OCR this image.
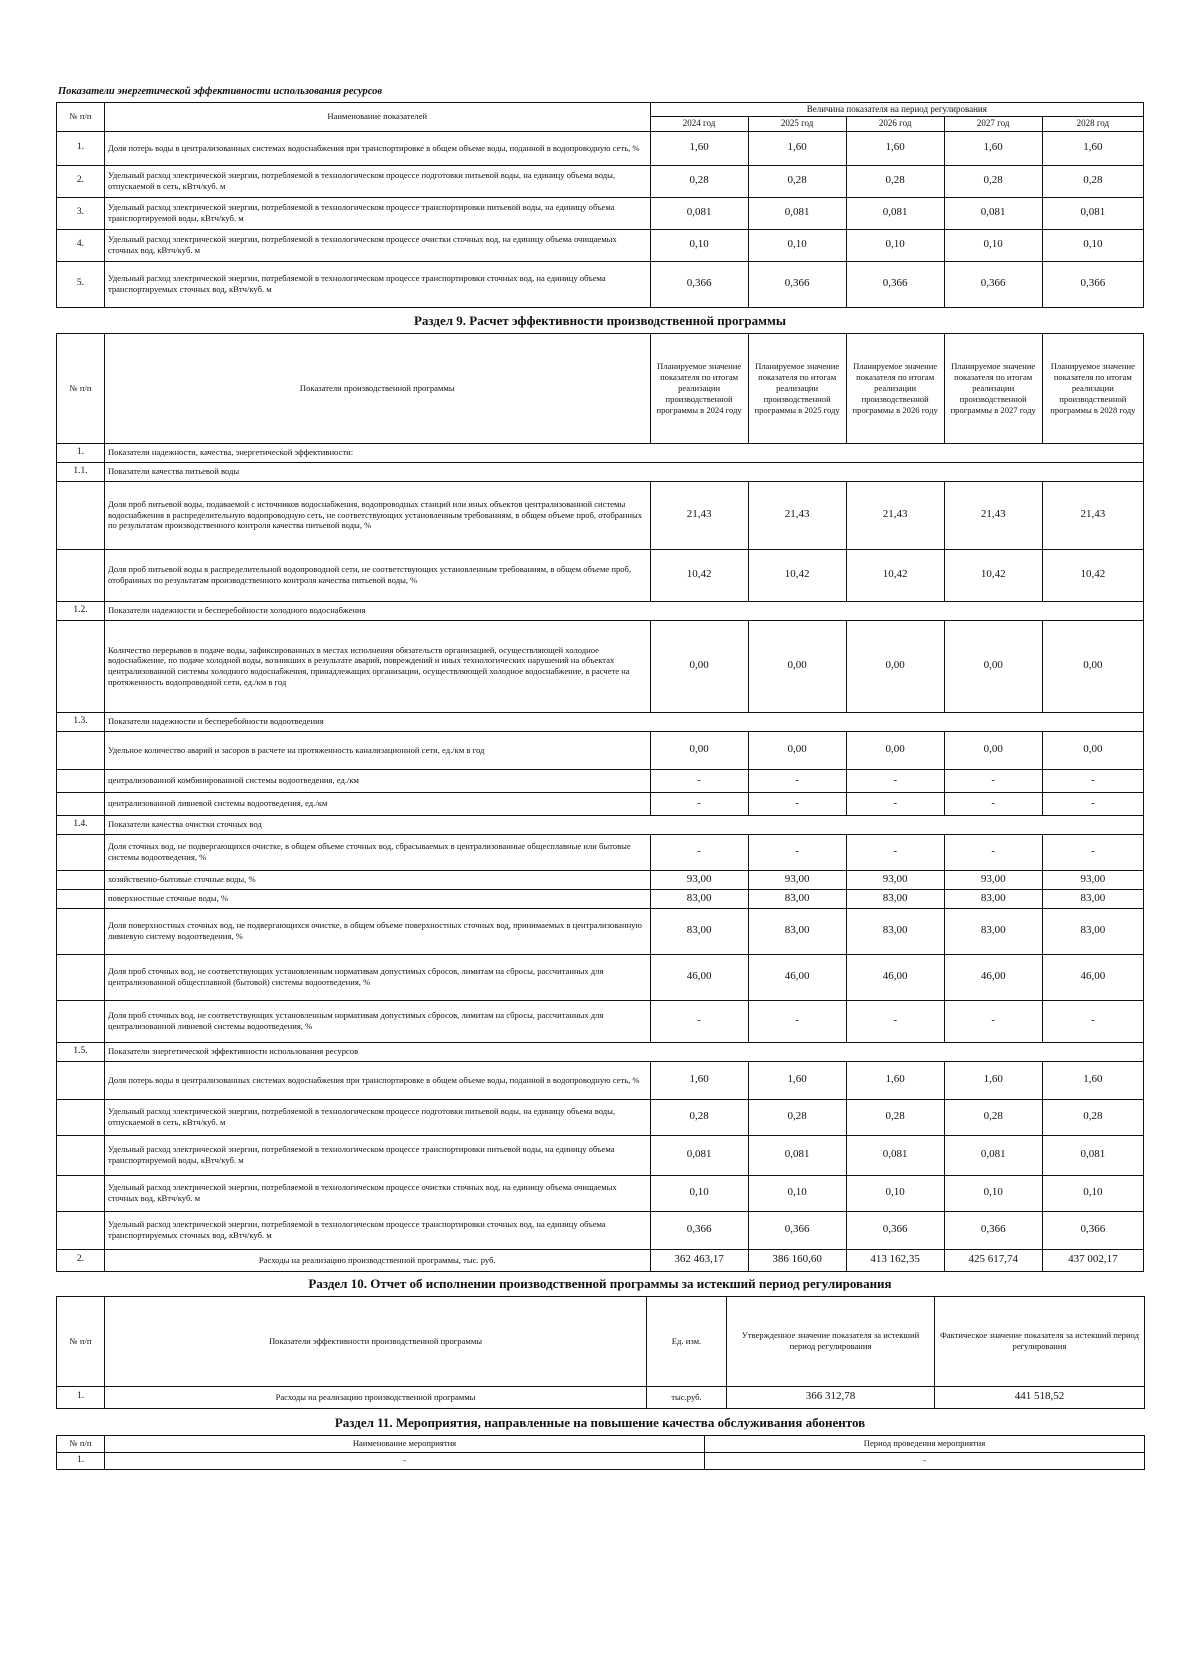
Показатели энергетической эффективности использования ресурсов
№ п/п	Наименование показателей	Величина показателя на период регулирования				
		2024 год	2025 год	2026 год	2027 год	2028 год
1.	Доля потерь воды в централизованных системах водоснабжения при транспортировке в общем объеме воды, поданной в водопроводную сеть, %	1,60	1,60	1,60	1,60	1,60
2.	Удельный расход электрической энергии, потребляемой в технологическом процессе подготовки питьевой воды, на единицу объема воды, отпускаемой в сеть, кВтч/куб. м	0,28	0,28	0,28	0,28	0,28
3.	Удельный расход электрической энергии, потребляемой в технологическом процессе транспортировки питьевой воды, на единицу объема транспортируемой воды, кВтч/куб. м	0,081	0,081	0,081	0,081	0,081
4.	Удельный расход электрической энергии, потребляемой в технологическом процессе очистки сточных вод, на единицу объема очищаемых сточных вод, кВтч/куб. м	0,10	0,10	0,10	0,10	0,10
5.	Удельный расход электрической энергии, потребляемой в технологическом процессе транспортировки сточных вод, на единицу объема транспортируемых сточных вод, кВтч/куб. м	0,366	0,366	0,366	0,366	0,366
Раздел 9. Расчет эффективности производственной программы
№ п/п	Показатели производственной программы	Планируемое значение показателя по итогам реализации производственной программы в 2024 году	Планируемое значение показателя по итогам реализации производственной программы в 2025 году	Планируемое значение показателя по итогам реализации производственной программы в 2026 году	Планируемое значение показателя по итогам реализации производственной программы в 2027 году	Планируемое значение показателя по итогам реализации производственной программы в 2028 году
1.	Показатели надежности, качества, энергетической эффективности:					
1.1.	Показатели качества питьевой воды					
	Доля проб питьевой воды, подаваемой с источников водоснабжения, водопроводных станций или иных объектов централизованной системы водоснабжения в распределительную водопроводную сеть, не соответствующих установленным требованиям, в общем объеме проб, отобранных по результатам производственного контроля качества питьевой воды, %	21,43	21,43	21,43	21,43	21,43
	Доля проб питьевой воды в распределительной водопроводной сети, не соответствующих установленным требованиям, в общем объеме проб, отобранных по результатам производственного контроля качества питьевой воды, %	10,42	10,42	10,42	10,42	10,42
1.2.	Показатели надежности и бесперебойности холодного водоснабжения					
	Количество перерывов в подаче воды, зафиксированных в местах исполнения обязательств организацией, осуществляющей холодное водоснабжение, по подаче холодной воды, возникших в результате аварий, повреждений и иных технологических нарушений на объектах централизованной системы холодного водоснабжения, принадлежащих организации, осуществляющей холодное водоснабжение, в расчете на протяженность водопроводной сети, ед./км в год	0,00	0,00	0,00	0,00	0,00
1.3.	Показатели надежности и бесперебойности водоотведения					
	Удельное количество аварий и засоров в расчете на протяженность канализационной сети, ед./км в год	0,00	0,00	0,00	0,00	0,00
	централизованной комбинированной системы водоотведения, ед./км	-	-	-	-	-
	централизованной ливневой системы водоотведения, ед./км	-	-	-	-	-
1.4.	Показатели качества очистки сточных вод					
	Доля сточных вод, не подвергающихся очистке, в общем объеме сточных вод, сбрасываемых в централизованные общесплавные или бытовые системы водоотведения, %	-	-	-	-	-
	хозяйственно-бытовые сточные воды, %	93,00	93,00	93,00	93,00	93,00
	поверхностные сточные воды, %	83,00	83,00	83,00	83,00	83,00
	Доля поверхностных сточных вод, не подвергающихся очистке, в общем объеме поверхностных сточных вод, принимаемых в централизованную ливневую систему водоотведения, %	83,00	83,00	83,00	83,00	83,00
	Доля проб сточных вод, не соответствующих установленным нормативам допустимых сбросов, лимитам на сбросы, рассчитанных для централизованной общесплавной (бытовой) системы водоотведения, %	46,00	46,00	46,00	46,00	46,00
	Доля проб сточных вод, не соответствующих установленным нормативам допустимых сбросов, лимитам на сбросы, рассчитанных для централизованной ливневой системы водоотведения, %	-	-	-	-	-
1.5.	Показатели энергетической эффективности использования ресурсов					
	Доля потерь воды в централизованных системах водоснабжения при транспортировке в общем объеме воды, поданной в водопроводную сеть, %	1,60	1,60	1,60	1,60	1,60
	Удельный расход электрической энергии, потребляемой в технологическом процессе подготовки питьевой воды, на единицу объема воды, отпускаемой в сеть, кВтч/куб. м	0,28	0,28	0,28	0,28	0,28
	Удельный расход электрической энергии, потребляемой в технологическом процессе транспортировки питьевой воды, на единицу объема транспортируемой воды, кВтч/куб. м	0,081	0,081	0,081	0,081	0,081
	Удельный расход электрической энергии, потребляемой в технологическом процессе очистки сточных вод, на единицу объема очищаемых сточных вод, кВтч/куб. м	0,10	0,10	0,10	0,10	0,10
	Удельный расход электрической энергии, потребляемой в технологическом процессе транспортировки сточных вод, на единицу объема транспортируемых сточных вод, кВтч/куб. м	0,366	0,366	0,366	0,366	0,366
2.	Расходы на реализацию производственной программы, тыс. руб.	362 463,17	386 160,60	413 162,35	425 617,74	437 002,17
Раздел 10. Отчет об исполнении производственной программы за истекший период регулирования
№ п/п	Показатели эффективности производственной программы	Ед. изм.	Утвержденное значение показателя за истекший период регулирования	Фактическое значение показателя за истекший период регулирования
1.	Расходы на реализацию производственной программы	тыс.руб.	366 312,78	441 518,52
Раздел 11. Мероприятия, направленные на повышение качества обслуживания абонентов
№ п/п	Наименование мероприятия	Период проведения мероприятия
1.	-	-
